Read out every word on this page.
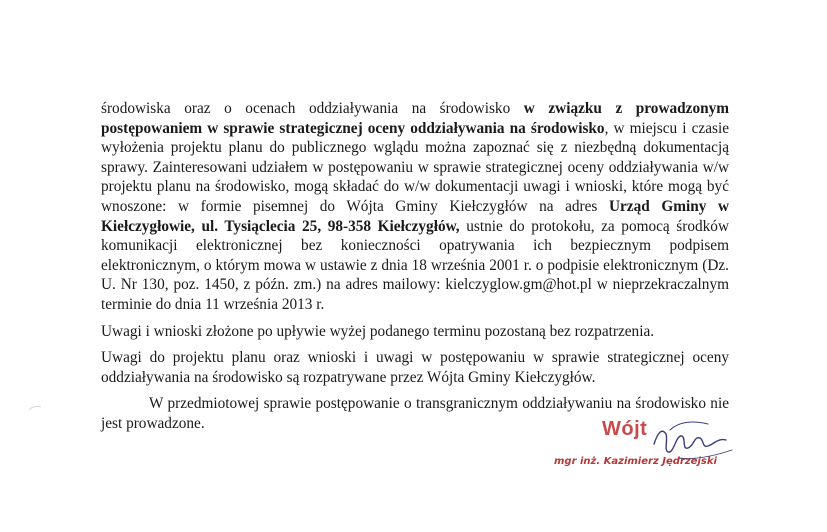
środowiska oraz o ocenach oddziaływania na środowisko w związku z prowadzonym postępowaniem w sprawie strategicznej oceny oddziaływania na środowisko, w miejscu i czasie wyłożenia projektu planu do publicznego wglądu można zapoznać się z niezbędną dokumentacją sprawy. Zainteresowani udziałem w postępowaniu w sprawie strategicznej oceny oddziaływania w/w projektu planu na środowisko, mogą składać do w/w dokumentacji uwagi i wnioski, które mogą być wnoszone: w formie pisemnej do Wójta Gminy Kiełczygłów na adres Urząd Gminy w Kiełczygłowie, ul. Tysiąclecia 25, 98-358 Kiełczygłów, ustnie do protokołu, za pomocą środków komunikacji elektronicznej bez konieczności opatrywania ich bezpiecznym podpisem elektronicznym, o którym mowa w ustawie z dnia 18 września 2001 r. o podpisie elektronicznym (Dz. U. Nr 130, poz. 1450, z późn. zm.) na adres mailowy: kielczyglow.gm@hot.pl w nieprzekraczalnym terminie do dnia 11 września 2013 r.

Uwagi i wnioski złożone po upływie wyżej podanego terminu pozostaną bez rozpatrzenia.

Uwagi do projektu planu oraz wnioski i uwagi w postępowaniu w sprawie strategicznej oceny oddziaływania na środowisko są rozpatrywane przez Wójta Gminy Kiełczygłów.

W przedmiotowej sprawie postępowanie o transgranicznym oddziaływaniu na środowisko nie jest prowadzone.	Wójt
mgr inż. Kazimierz Jędrzejski
